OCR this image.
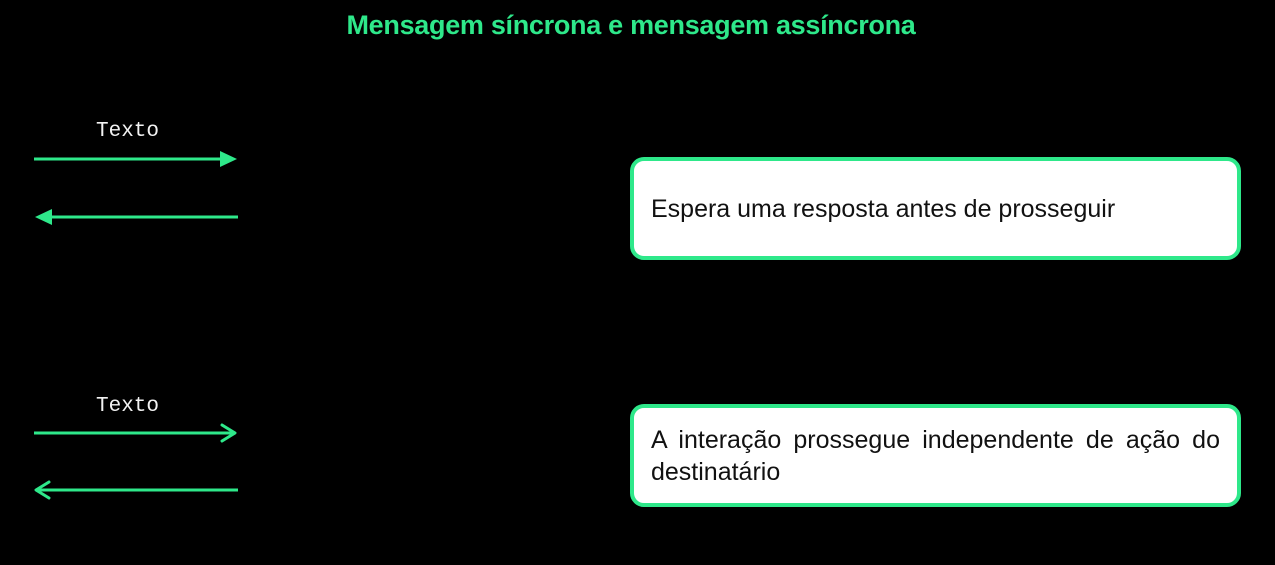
Mensagem síncrona e mensagem assíncrona
Texto
Espera uma resposta antes de prosseguir
Texto
A interação prossegue independente de ação do destinatário
